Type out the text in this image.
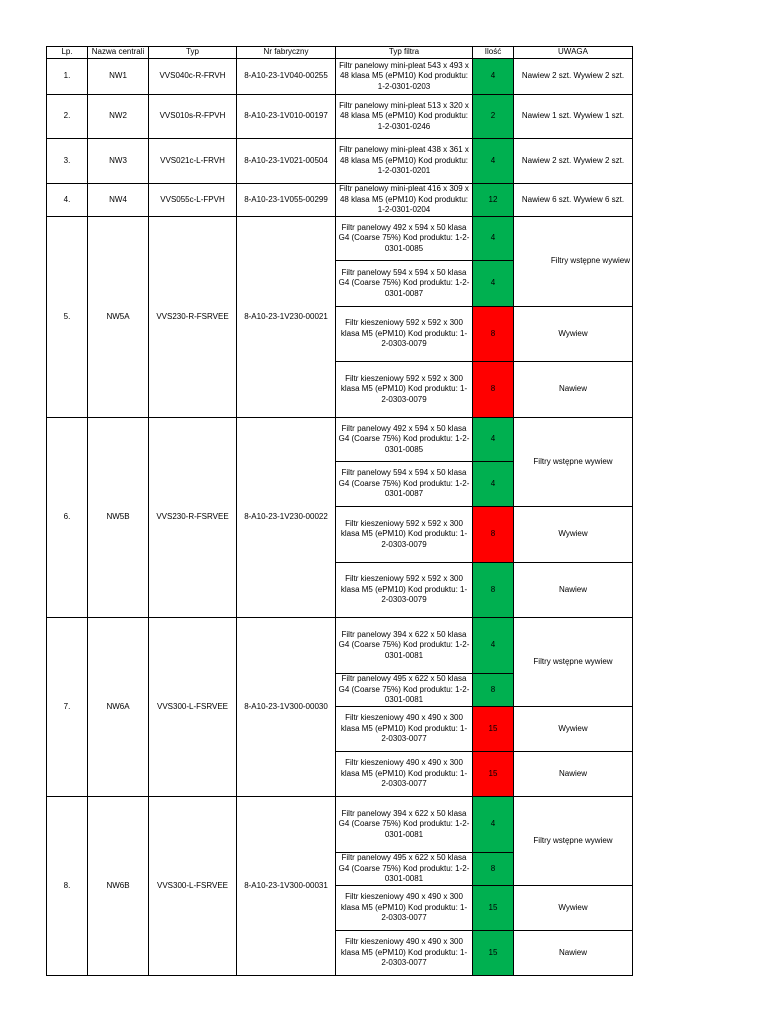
Lp.	Nazwa centrali	Typ	Nr fabryczny	Typ filtra	Ilość	UWAGA
1.	NW1	VVS040c-R-FRVH	8-A10-23-1V040-00255	Filtr panelowy mini-pleat 543 x 493 x 48 klasa M5 (ePM10) Kod produktu: 1-2-0301-0203	4	Nawiew 2 szt. Wywiew 2 szt.
2.	NW2	VVS010s-R-FPVH	8-A10-23-1V010-00197	Filtr panelowy mini-pleat 513 x 320 x 48 klasa M5 (ePM10) Kod produktu: 1-2-0301-0246	2	Nawiew 1 szt. Wywiew 1 szt.
3.	NW3	VVS021c-L-FRVH	8-A10-23-1V021-00504	Filtr panelowy mini-pleat 438 x 361 x 48 klasa M5 (ePM10) Kod produktu: 1-2-0301-0201	4	Nawiew 2 szt. Wywiew 2 szt.
4.	NW4	VVS055c-L-FPVH	8-A10-23-1V055-00299	Filtr panelowy mini-pleat 416 x 309 x 48 klasa M5 (ePM10) Kod produktu: 1-2-0301-0204	12	Nawiew 6 szt. Wywiew 6 szt.
5.	NW5A	VVS230-R-FSRVEE	8-A10-23-1V230-00021	Filtr panelowy 492 x 594 x 50 klasa G4 (Coarse 75%) Kod produktu: 1-2-0301-0085	4	Filtry wstępne wywiew
				Filtr panelowy 594 x 594 x 50 klasa G4 (Coarse 75%) Kod produktu: 1-2-0301-0087	4	
				Filtr kieszeniowy 592 x 592 x 300 klasa M5 (ePM10) Kod produktu: 1-2-0303-0079	8	Wywiew
				Filtr kieszeniowy 592 x 592 x 300 klasa M5 (ePM10) Kod produktu: 1-2-0303-0079	8	Nawiew
6.	NW5B	VVS230-R-FSRVEE	8-A10-23-1V230-00022	Filtr panelowy 492 x 594 x 50 klasa G4 (Coarse 75%) Kod produktu: 1-2-0301-0085	4	Filtry wstępne wywiew
				Filtr panelowy 594 x 594 x 50 klasa G4 (Coarse 75%) Kod produktu: 1-2-0301-0087	4	
				Filtr kieszeniowy 592 x 592 x 300 klasa M5 (ePM10) Kod produktu: 1-2-0303-0079	8	Wywiew
				Filtr kieszeniowy 592 x 592 x 300 klasa M5 (ePM10) Kod produktu: 1-2-0303-0079	8	Nawiew
7.	NW6A	VVS300-L-FSRVEE	8-A10-23-1V300-00030	Filtr panelowy 394 x 622 x 50 klasa G4 (Coarse 75%) Kod produktu: 1-2-0301-0081	4	Filtry wstępne wywiew
				Filtr panelowy 495 x 622 x 50 klasa G4 (Coarse 75%) Kod produktu: 1-2-0301-0081	8	
				Filtr kieszeniowy 490 x 490 x 300 klasa M5 (ePM10) Kod produktu: 1-2-0303-0077	15	Wywiew
				Filtr kieszeniowy 490 x 490 x 300 klasa M5 (ePM10) Kod produktu: 1-2-0303-0077	15	Nawiew
8.	NW6B	VVS300-L-FSRVEE	8-A10-23-1V300-00031	Filtr panelowy 394 x 622 x 50 klasa G4 (Coarse 75%) Kod produktu: 1-2-0301-0081	4	Filtry wstępne wywiew
				Filtr panelowy 495 x 622 x 50 klasa G4 (Coarse 75%) Kod produktu: 1-2-0301-0081	8	
				Filtr kieszeniowy 490 x 490 x 300 klasa M5 (ePM10) Kod produktu: 1-2-0303-0077	15	Wywiew
				Filtr kieszeniowy 490 x 490 x 300 klasa M5 (ePM10) Kod produktu: 1-2-0303-0077	15	Nawiew
